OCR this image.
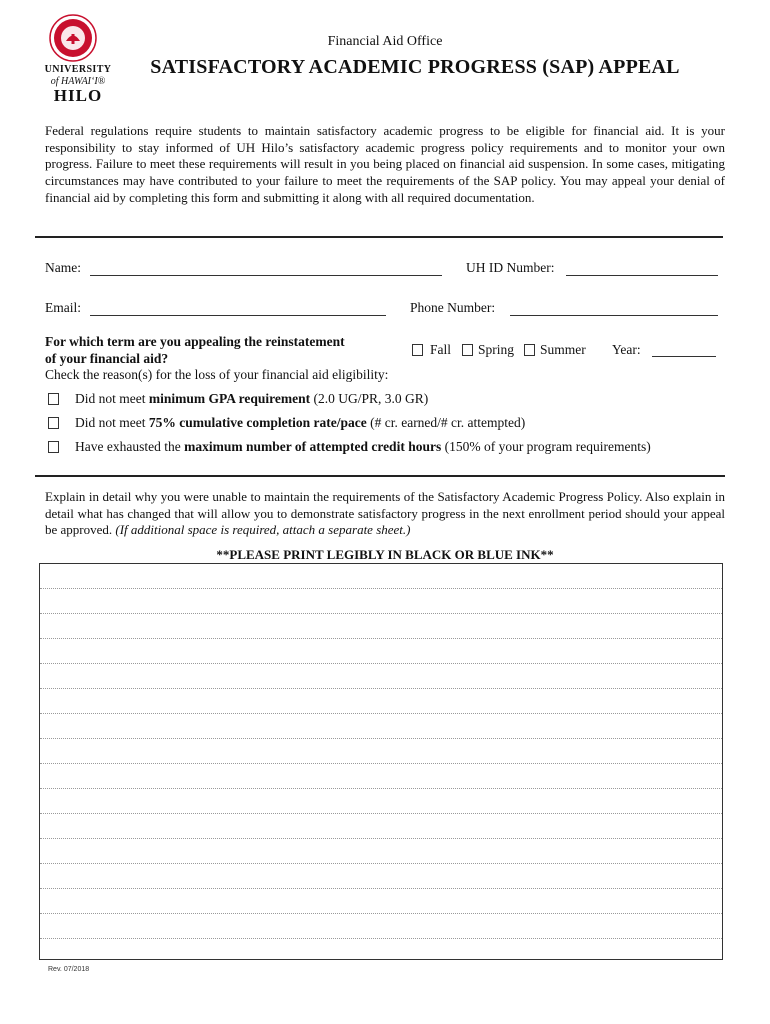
UNIVERSITY
of HAWAIʻI®
HILO
Financial Aid Office
SATISFACTORY ACADEMIC PROGRESS (SAP) APPEAL
Federal regulations require students to maintain satisfactory academic progress to be eligible for financial aid. It is your responsibility to stay informed of UH Hilo’s satisfactory academic progress policy requirements and to monitor your own progress. Failure to meet these requirements will result in you being placed on financial aid suspension. In some cases, mitigating circumstances may have contributed to your failure to meet the requirements of the SAP policy. You may appeal your denial of financial aid by completing this form and submitting it along with all required documentation.
Name:	UH ID Number:
Email:	Phone Number:
For which term are you appealing the reinstatement
of your financial aid?
Fall Spring Summer Year:
Check the reason(s) for the loss of your financial aid eligibility:
Did not meet minimum GPA requirement (2.0 UG/PR, 3.0 GR)
Did not meet 75% cumulative completion rate/pace (# cr. earned/# cr. attempted)
Have exhausted the maximum number of attempted credit hours (150% of your program requirements)
Explain in detail why you were unable to maintain the requirements of the Satisfactory Academic Progress Policy. Also explain in detail what has changed that will allow you to demonstrate satisfactory progress in the next enrollment period should your appeal be approved. (If additional space is required, attach a separate sheet.)
**PLEASE PRINT LEGIBLY IN BLACK OR BLUE INK**
Rev. 07/2018
